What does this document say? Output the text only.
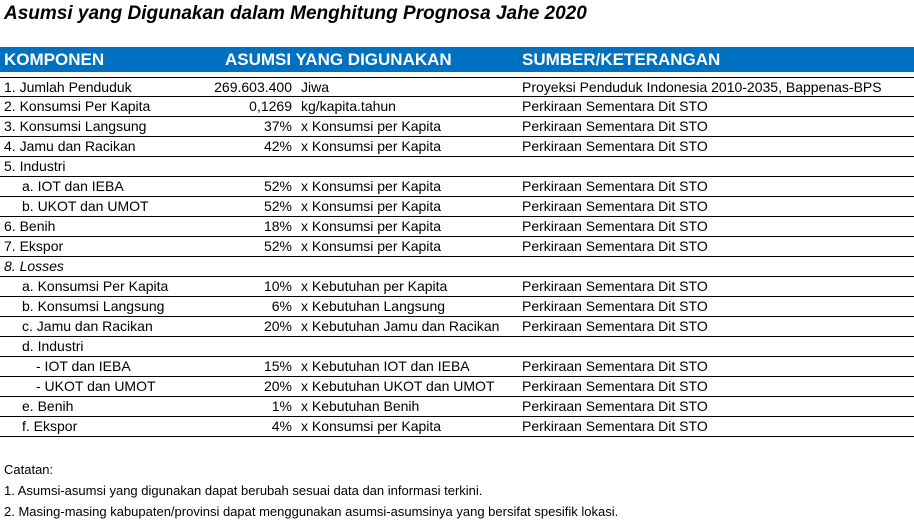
Asumsi yang Digunakan dalam Menghitung Prognosa Jahe 2020
KOMPONEN	ASUMSI YANG DIGUNAKAN	SUMBER/KETERANGAN
1. Jumlah Penduduk	269.603.400 Jiwa	Proyeksi Penduduk Indonesia 2010-2035, Bappenas-BPS
2. Konsumsi Per Kapita	0,1269 kg/kapita.tahun	Perkiraan Sementara Dit STO
3. Konsumsi Langsung	37% x Konsumsi per Kapita	Perkiraan Sementara Dit STO
4. Jamu dan Racikan	42% x Konsumsi per Kapita	Perkiraan Sementara Dit STO
5. Industri
a. IOT dan IEBA	52% x Konsumsi per Kapita	Perkiraan Sementara Dit STO
b. UKOT dan UMOT	52% x Konsumsi per Kapita	Perkiraan Sementara Dit STO
6. Benih	18% x Konsumsi per Kapita	Perkiraan Sementara Dit STO
7. Ekspor	52% x Konsumsi per Kapita	Perkiraan Sementara Dit STO
8. Losses
a. Konsumsi Per Kapita	10% x Kebutuhan per Kapita	Perkiraan Sementara Dit STO
b. Konsumsi Langsung	6% x Kebutuhan Langsung	Perkiraan Sementara Dit STO
c. Jamu dan Racikan	20% x Kebutuhan Jamu dan Racikan	Perkiraan Sementara Dit STO
d. Industri
- IOT dan IEBA	15% x Kebutuhan IOT dan IEBA	Perkiraan Sementara Dit STO
- UKOT dan UMOT	20% x Kebutuhan UKOT dan UMOT	Perkiraan Sementara Dit STO
e. Benih	1% x Kebutuhan Benih	Perkiraan Sementara Dit STO
f. Ekspor	4% x Konsumsi per Kapita	Perkiraan Sementara Dit STO
Catatan:
1. Asumsi-asumsi yang digunakan dapat berubah sesuai data dan informasi terkini.
2. Masing-masing kabupaten/provinsi dapat menggunakan asumsi-asumsinya yang bersifat spesifik lokasi.
